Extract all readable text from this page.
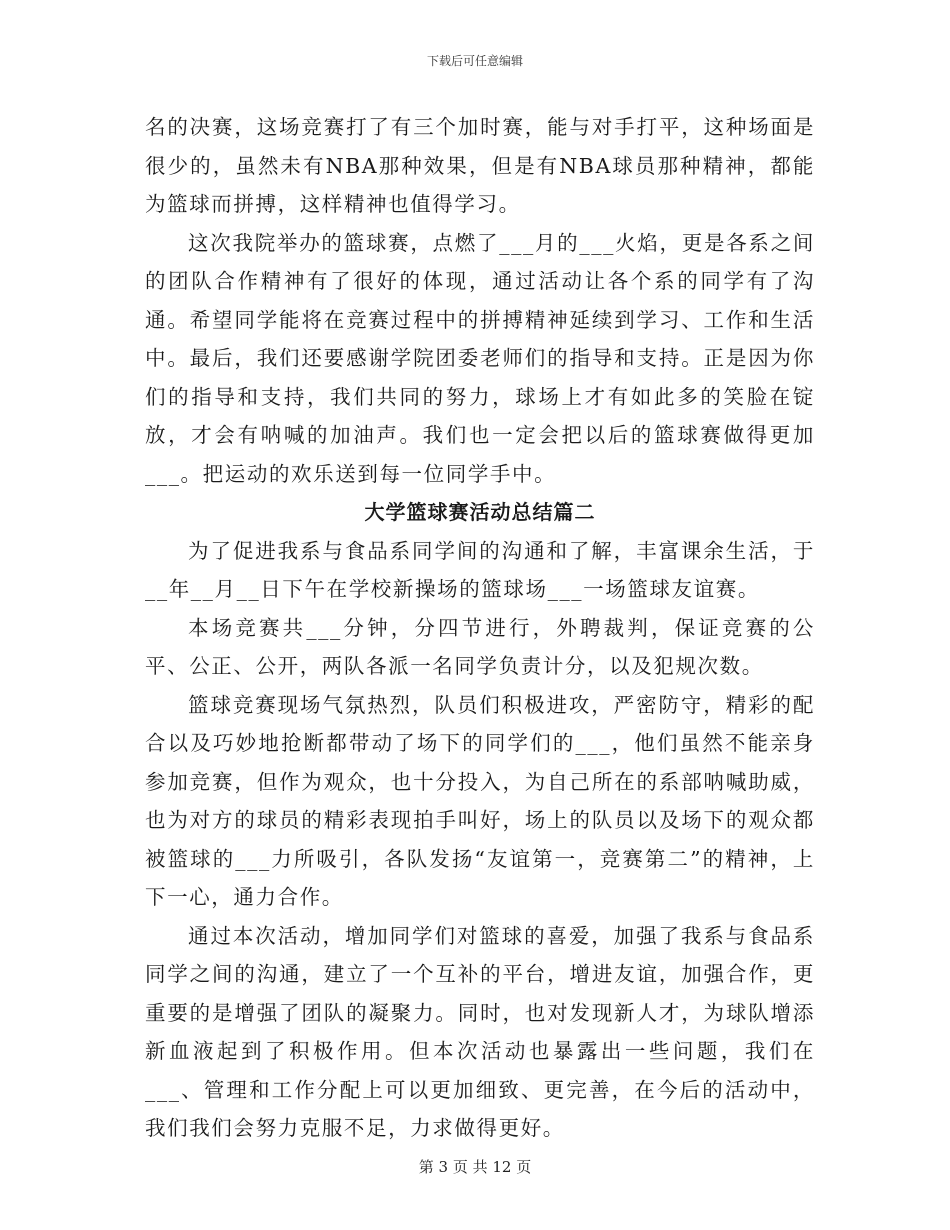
下载后可任意编辑

名的决赛，这场竞赛打了有三个加时赛，能与对手打平，这种场面是很少的，虽然未有NBA那种效果，但是有NBA球员那种精神，都能为篮球而拼搏，这样精神也值得学习。

这次我院举办的篮球赛，点燃了___月的___火焰，更是各系之间的团队合作精神有了很好的体现，通过活动让各个系的同学有了沟通。希望同学能将在竞赛过程中的拼搏精神延续到学习、工作和生活中。最后，我们还要感谢学院团委老师们的指导和支持。正是因为你们的指导和支持，我们共同的努力，球场上才有如此多的笑脸在锭放，才会有呐喊的加油声。我们也一定会把以后的篮球赛做得更加___。把运动的欢乐送到每一位同学手中。

大学篮球赛活动总结篇二

为了促进我系与食品系同学间的沟通和了解，丰富课余生活，于__年__月__日下午在学校新操场的篮球场___一场篮球友谊赛。

本场竞赛共___分钟，分四节进行，外聘裁判，保证竞赛的公平、公正、公开，两队各派一名同学负责计分，以及犯规次数。

篮球竞赛现场气氛热烈，队员们积极进攻，严密防守，精彩的配合以及巧妙地抢断都带动了场下的同学们的___，他们虽然不能亲身参加竞赛，但作为观众，也十分投入，为自己所在的系部呐喊助威，也为对方的球员的精彩表现拍手叫好，场上的队员以及场下的观众都被篮球的___力所吸引，各队发扬“友谊第一，竞赛第二”的精神，上下一心，通力合作。

通过本次活动，增加同学们对篮球的喜爱，加强了我系与食品系同学之间的沟通，建立了一个互补的平台，增进友谊，加强合作，更重要的是增强了团队的凝聚力。同时，也对发现新人才，为球队增添新血液起到了积极作用。但本次活动也暴露出一些问题，我们在___、管理和工作分配上可以更加细致、更完善，在今后的活动中，我们我们会努力克服不足，力求做得更好。

第 3 页 共 12 页
